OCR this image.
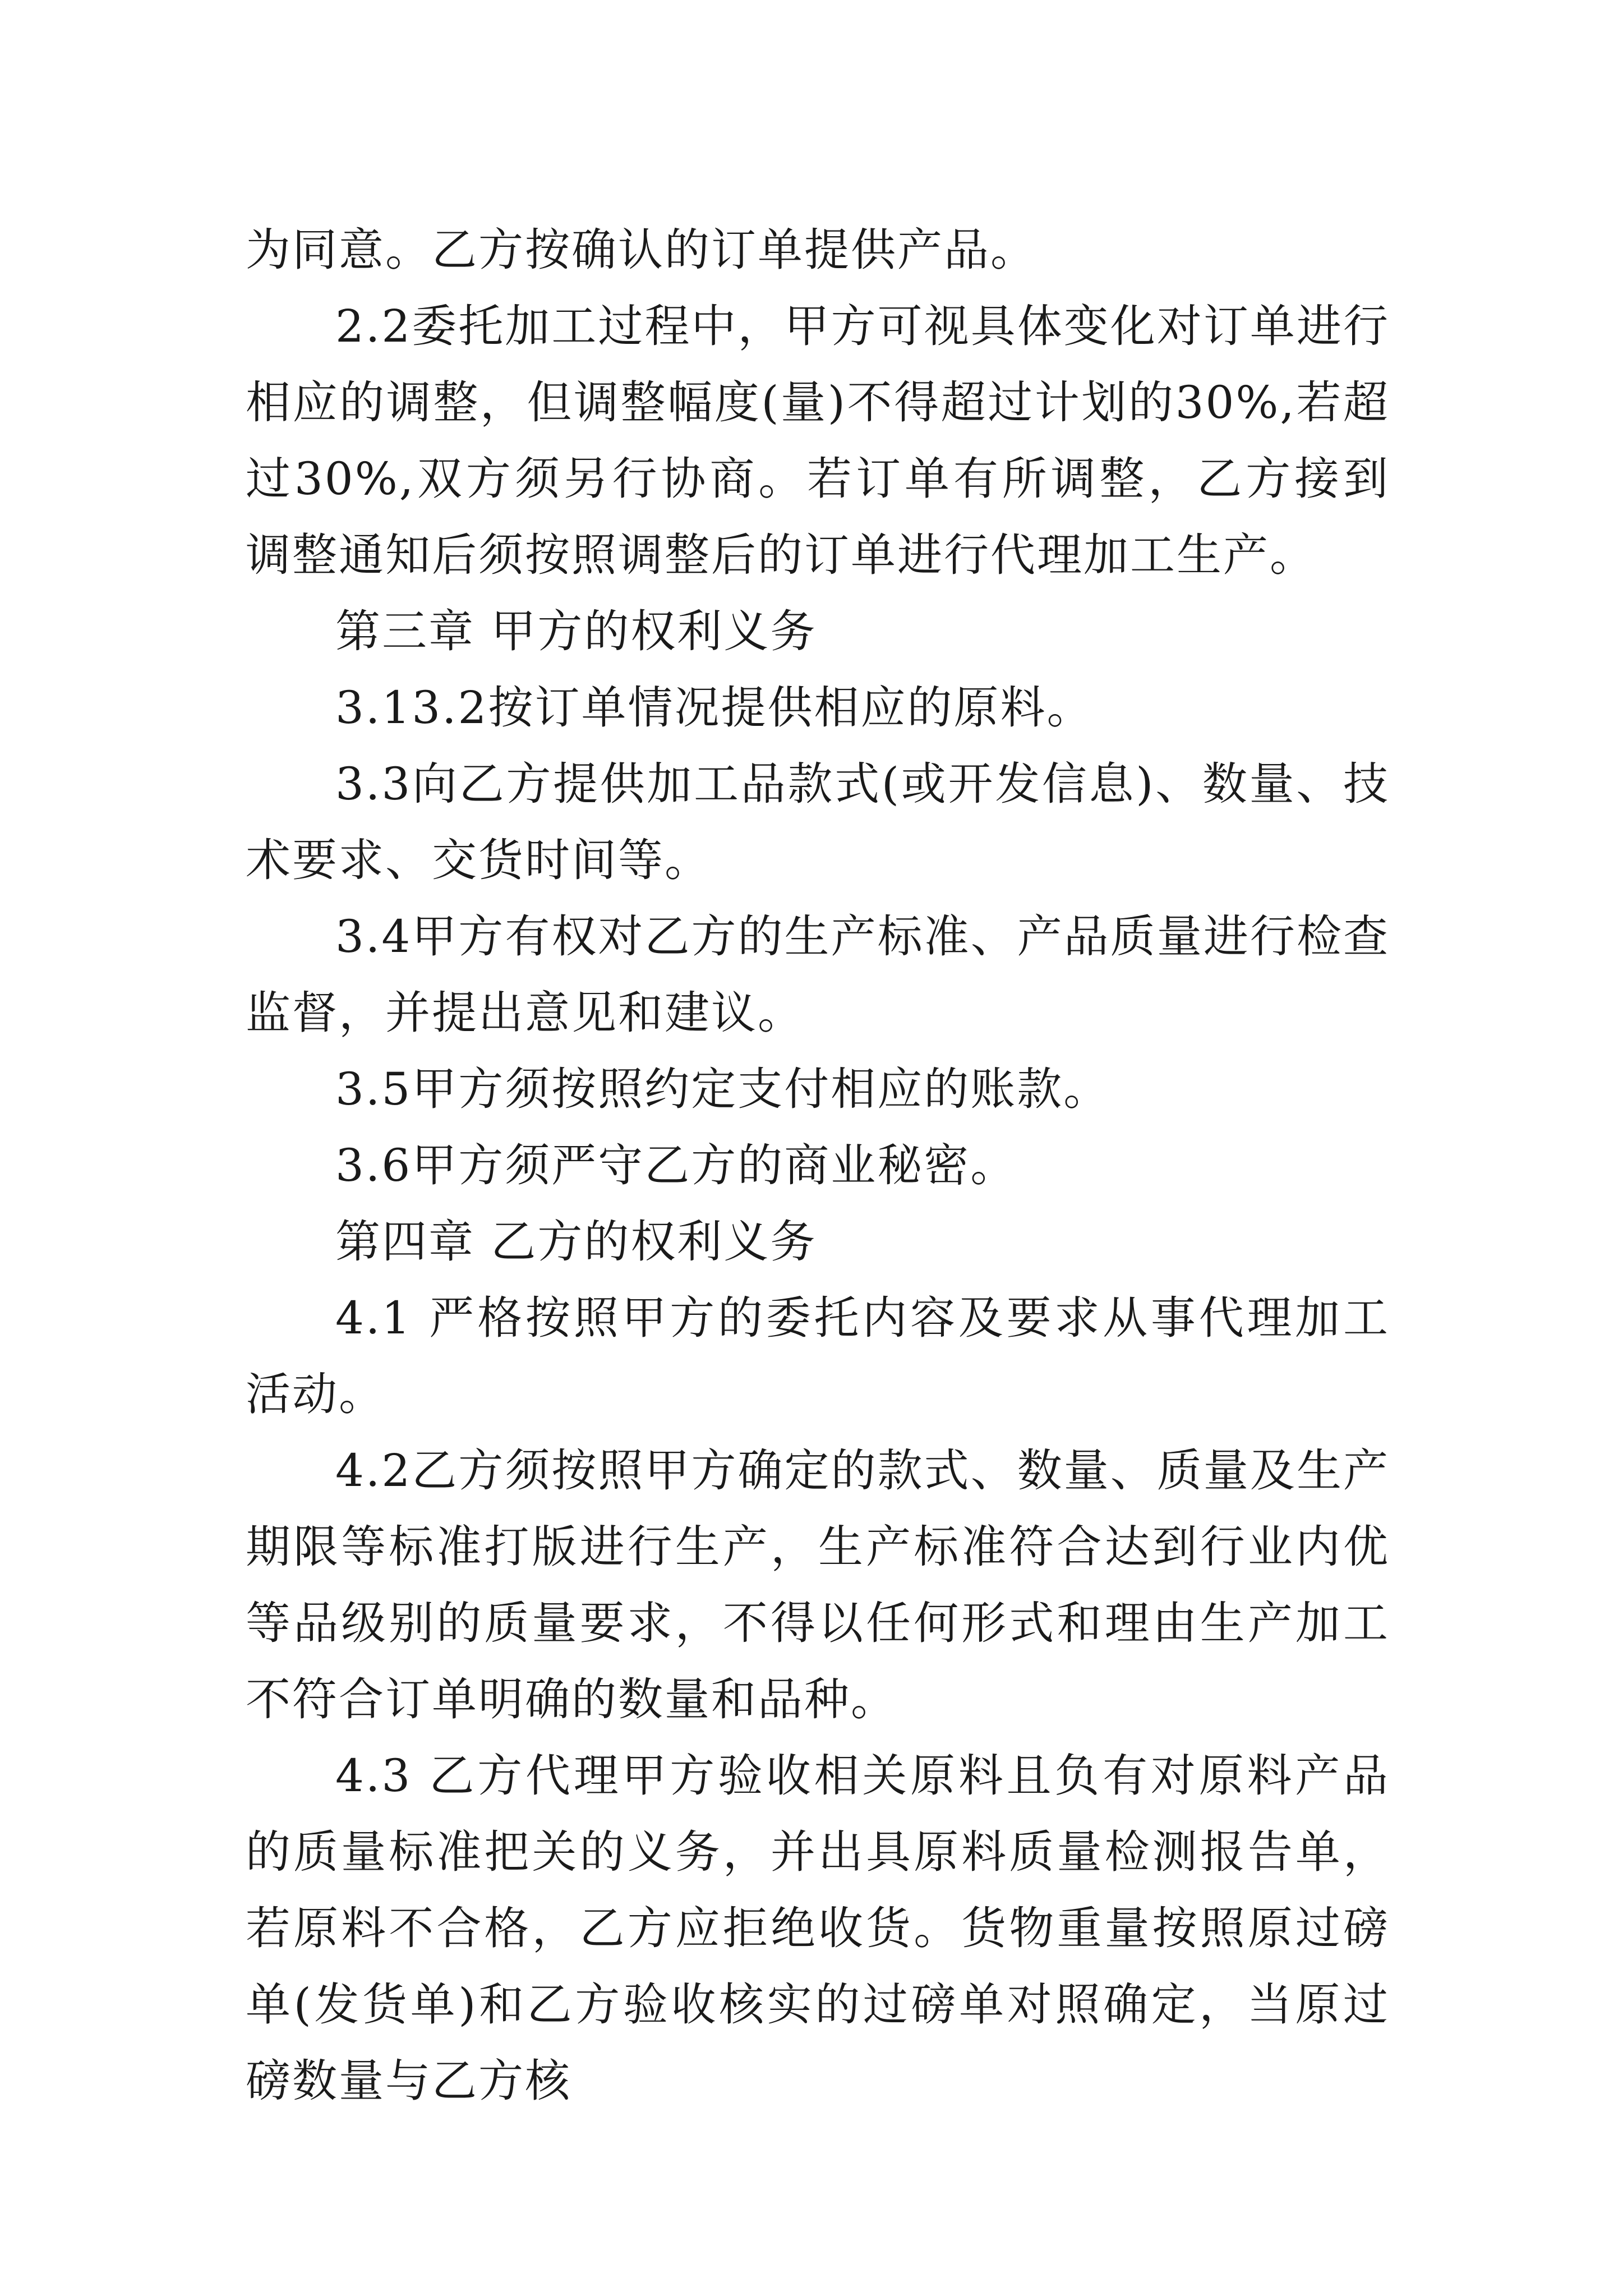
为同意。乙方按确认的订单提供产品。

2.2委托加工过程中，甲方可视具体变化对订单进行相应的调整，但调整幅度(量)不得超过计划的30%,若超过30%,双方须另行协商。若订单有所调整，乙方接到调整通知后须按照调整后的订单进行代理加工生产。

第三章 甲方的权利义务

3.13.2按订单情况提供相应的原料。

3.3向乙方提供加工品款式(或开发信息)、数量、技术要求、交货时间等。

3.4甲方有权对乙方的生产标准、产品质量进行检查监督，并提出意见和建议。

3.5甲方须按照约定支付相应的账款。

3.6甲方须严守乙方的商业秘密。

第四章 乙方的权利义务

4.1 严格按照甲方的委托内容及要求从事代理加工活动。

4.2乙方须按照甲方确定的款式、数量、质量及生产期限等标准打版进行生产，生产标准符合达到行业内优等品级别的质量要求，不得以任何形式和理由生产加工不符合订单明确的数量和品种。

4.3 乙方代理甲方验收相关原料且负有对原料产品的质量标准把关的义务，并出具原料质量检测报告单，若原料不合格，乙方应拒绝收货。货物重量按照原过磅单(发货单)和乙方验收核实的过磅单对照确定，当原过磅数量与乙方核
